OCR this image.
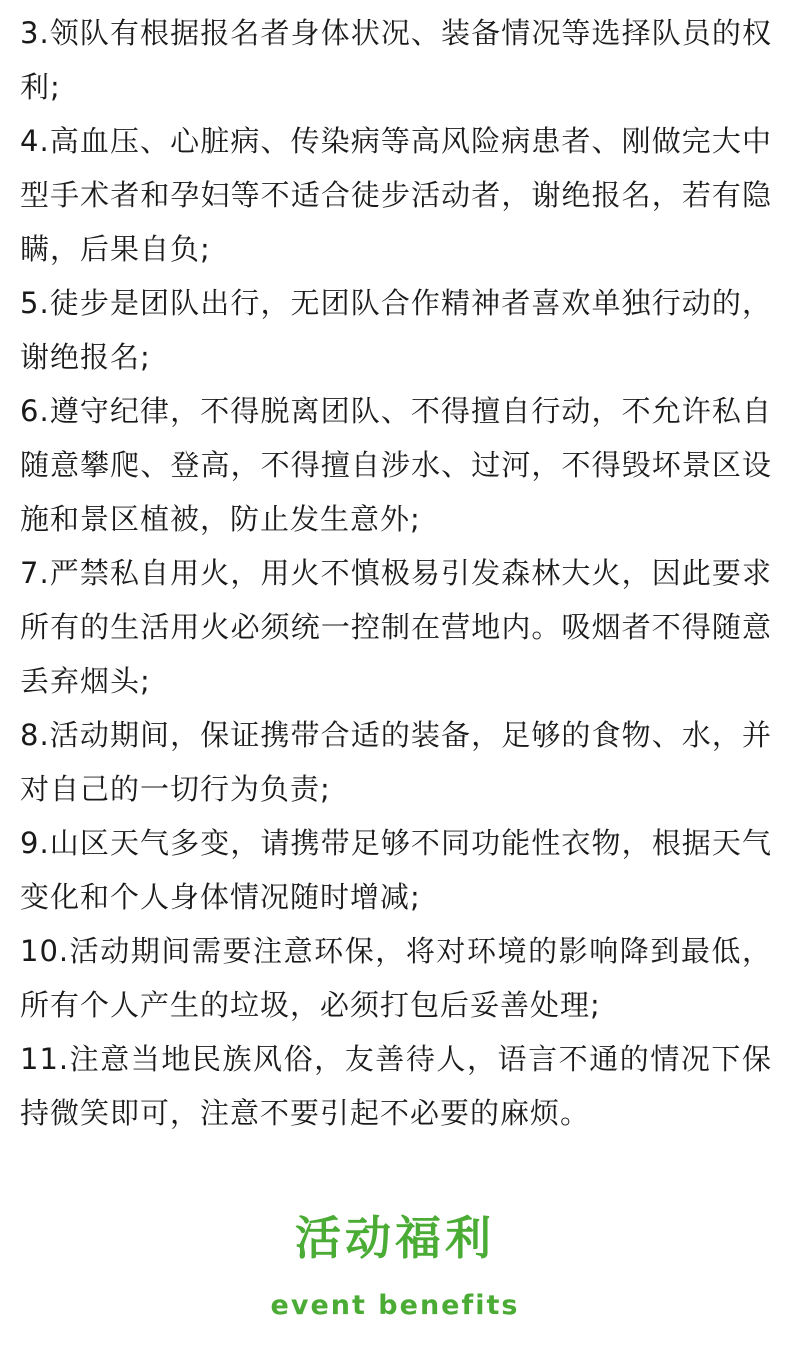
3.领队有根据报名者身体状况、装备情况等选择队员的权利;

4.高血压、心脏病、传染病等高风险病患者、刚做完大中型手术者和孕妇等不适合徒步活动者，谢绝报名，若有隐瞒，后果自负;

5.徒步是团队出行，无团队合作精神者喜欢单独行动的，谢绝报名;

6.遵守纪律，不得脱离团队、不得擅自行动，不允许私自随意攀爬、登高，不得擅自涉水、过河，不得毁坏景区设施和景区植被，防止发生意外;

7.严禁私自用火，用火不慎极易引发森林大火，因此要求所有的生活用火必须统一控制在营地内。吸烟者不得随意丢弃烟头;

8.活动期间，保证携带合适的装备，足够的食物、水，并对自己的一切行为负责;

9.山区天气多变，请携带足够不同功能性衣物，根据天气变化和个人身体情况随时增减;

10.活动期间需要注意环保，将对环境的影响降到最低，所有个人产生的垃圾，必须打包后妥善处理;

11.注意当地民族风俗，友善待人，语言不通的情况下保持微笑即可，注意不要引起不必要的麻烦。

活动福利
event benefits
